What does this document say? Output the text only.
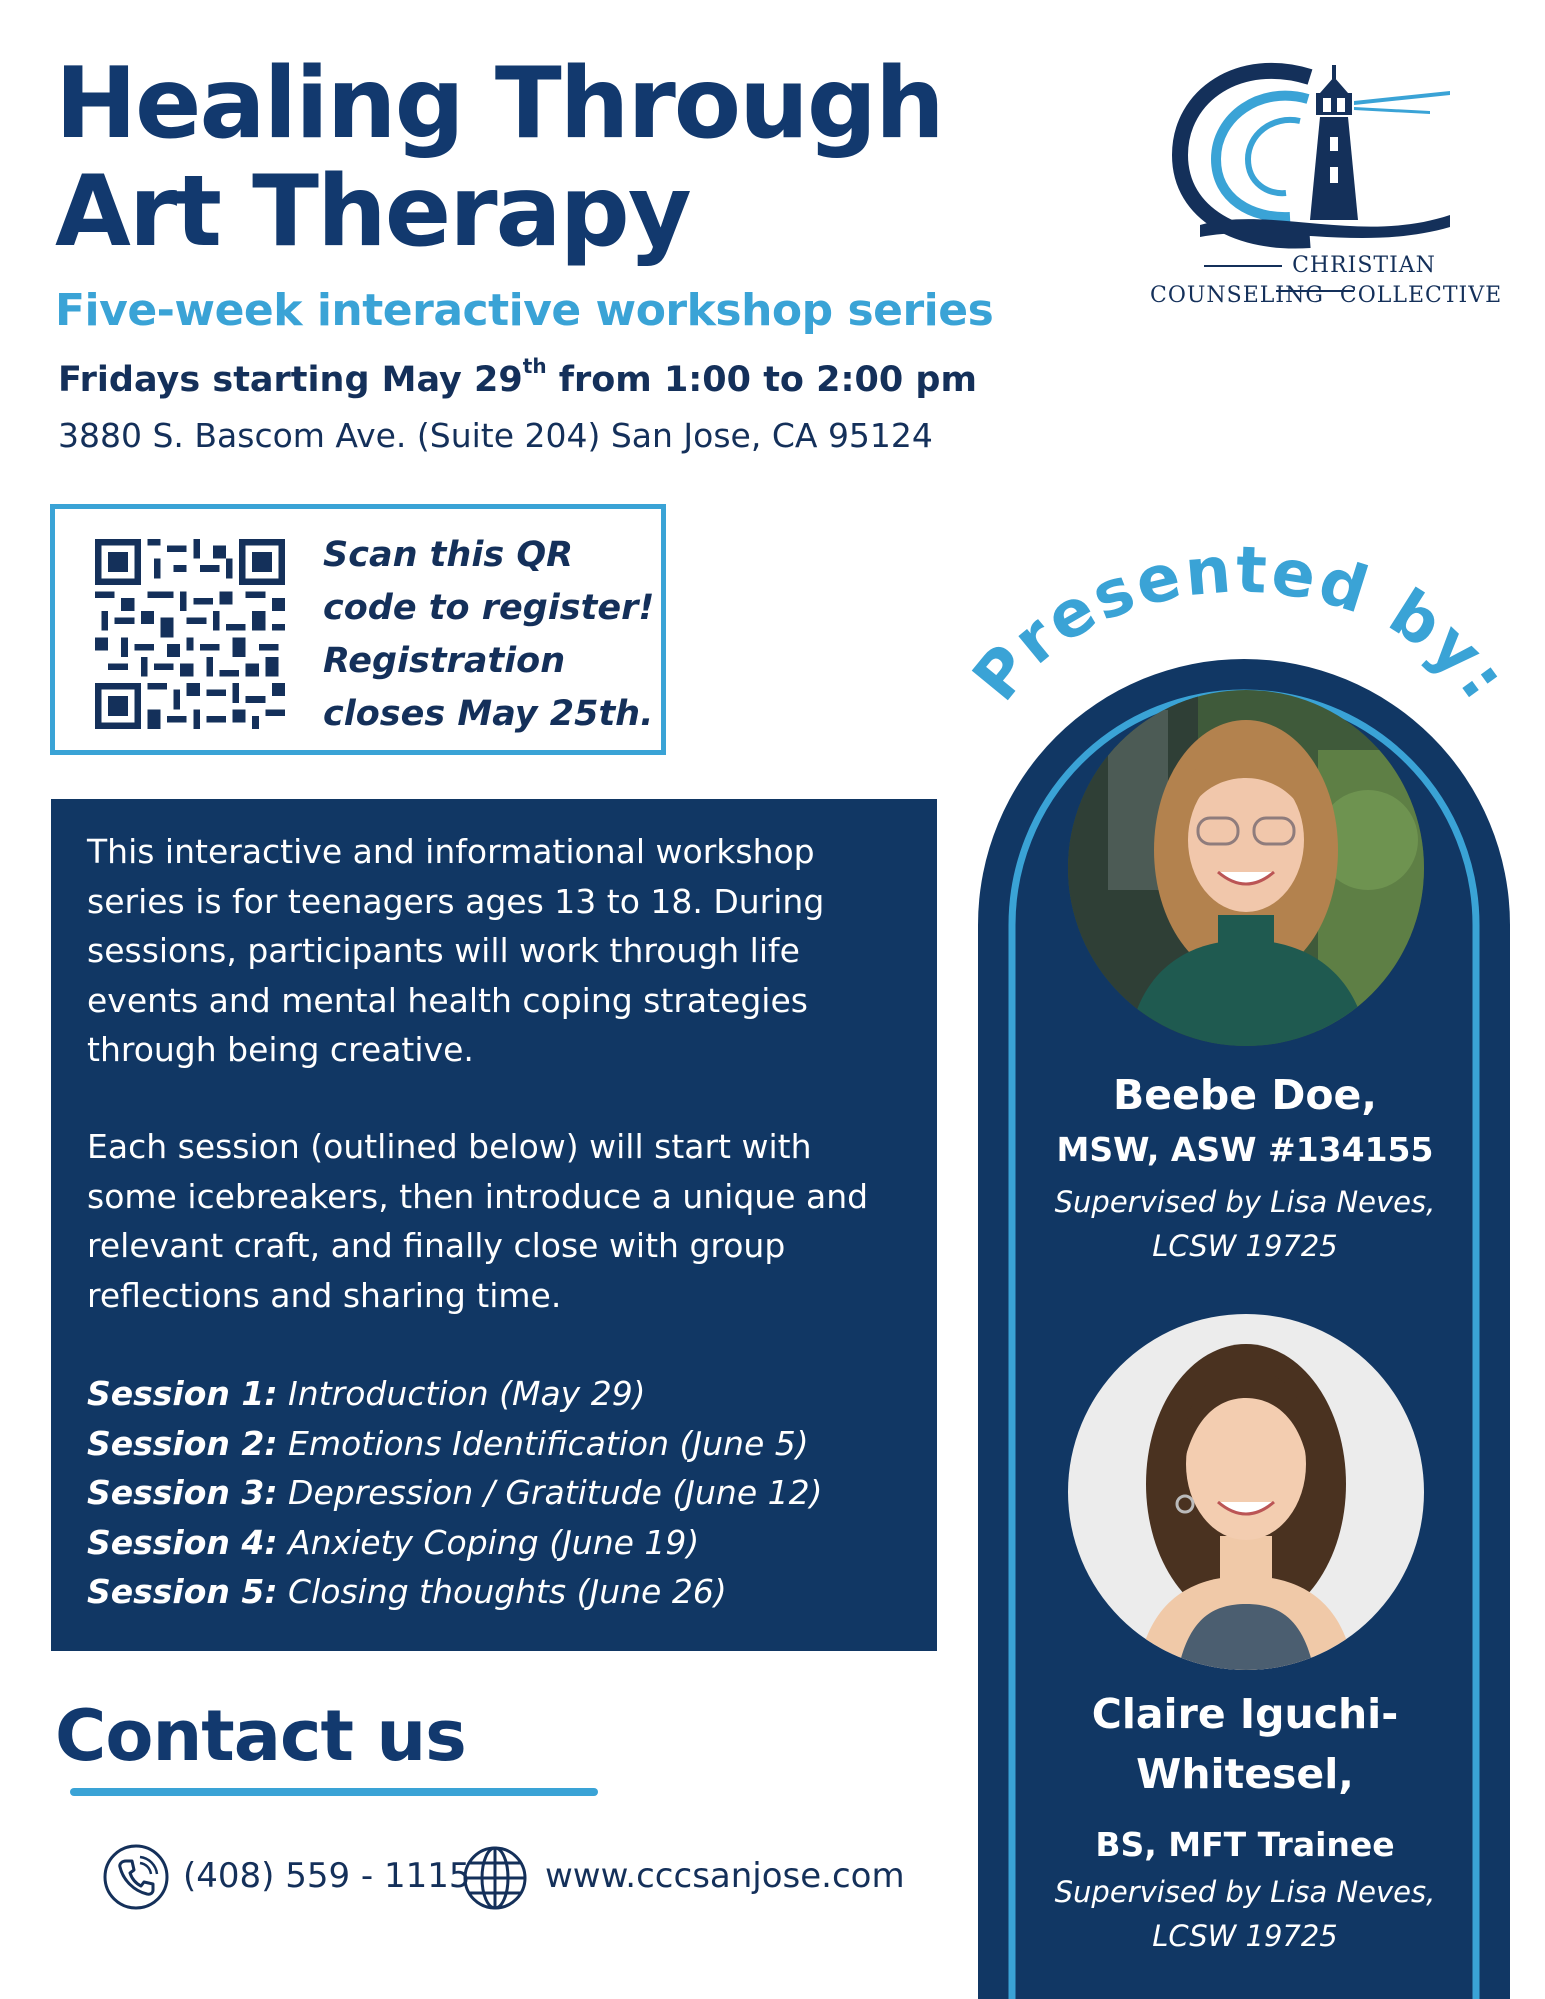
Healing Through
Art Therapy
Five-week interactive workshop series
Fridays starting May 29th from 1:00 to 2:00 pm
3880 S. Bascom Ave. (Suite 204) San Jose, CA 95124
CHRISTIAN
COUNSELING  COLLECTIVE
Scan this QR
code to register!
Registration
closes May 25th.
This interactive and informational workshop series is for teenagers ages 13 to 18. During sessions, participants will work through life events and mental health coping strategies through being creative.
Each session (outlined below) will start with some icebreakers, then introduce a unique and relevant craft, and finally close with group reflections and sharing time.
Session 1: Introduction (May 29)
Session 2: Emotions Identification (June 5)
Session 3: Depression / Gratitude (June 12)
Session 4: Anxiety Coping (June 19)
Session 5: Closing thoughts (June 26)
Contact us
(408) 559 - 1115 www.cccsanjose.com
Presented by:
Beebe Doe,
MSW, ASW #134155
Supervised by Lisa Neves,
LCSW 19725
Claire Iguchi-
Whitesel,
BS, MFT Trainee
Supervised by Lisa Neves,
LCSW 19725
